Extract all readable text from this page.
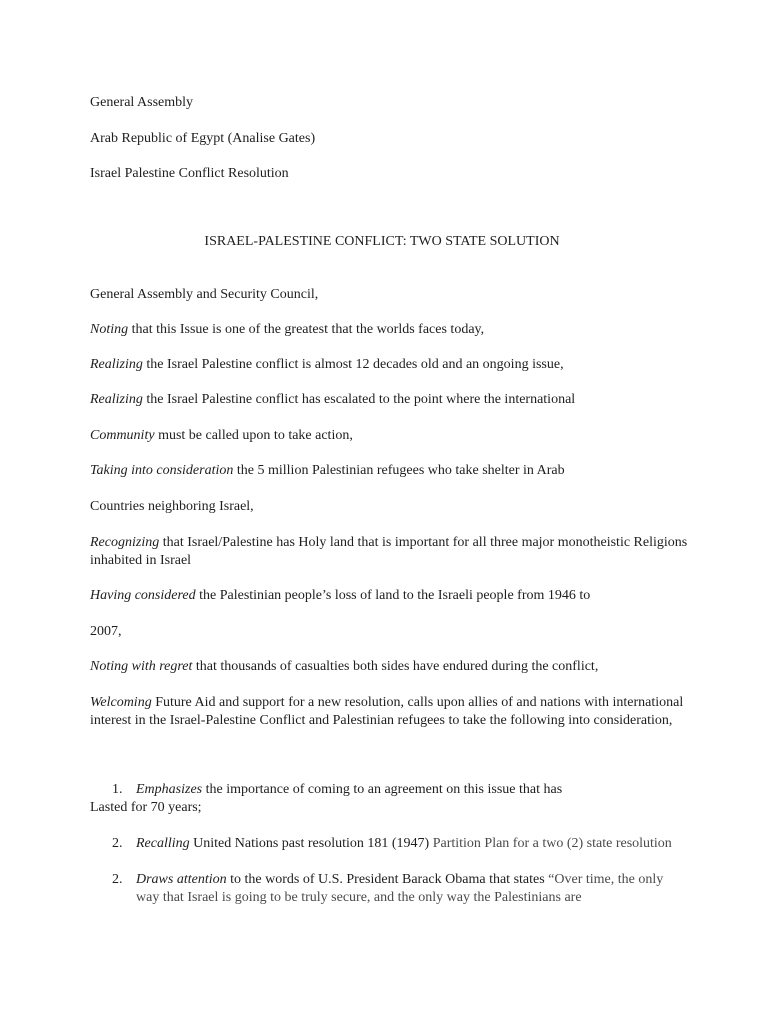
General Assembly
Arab Republic of Egypt (Analise Gates)
Israel Palestine Conflict Resolution
ISRAEL-PALESTINE CONFLICT: TWO STATE SOLUTION
General Assembly and Security Council,
Noting that this Issue is one of the greatest that the worlds faces today,
Realizing the Israel Palestine conflict is almost 12 decades old and an ongoing issue,
Realizing the Israel Palestine conflict has escalated to the point where the international
Community must be called upon to take action,
Taking into consideration the 5 million Palestinian refugees who take shelter in Arab
Countries neighboring Israel,
Recognizing that Israel/Palestine has Holy land that is important for all three major monotheistic Religions inhabited in Israel
Having considered the Palestinian people’s loss of land to the Israeli people from 1946 to
2007,
Noting with regret that thousands of casualties both sides have endured during the conflict,
Welcoming Future Aid and support for a new resolution, calls upon allies of and nations with international interest in the Israel-Palestine Conflict and Palestinian refugees to take the following into consideration,
1. Emphasizes the importance of coming to an agreement on this issue that has
Lasted for 70 years;
2. Recalling United Nations past resolution 181 (1947) Partition Plan for a two (2) state resolution
2. Draws attention to the words of U.S. President Barack Obama that states “Over time, the only way that Israel is going to be truly secure, and the only way the Palestinians are
